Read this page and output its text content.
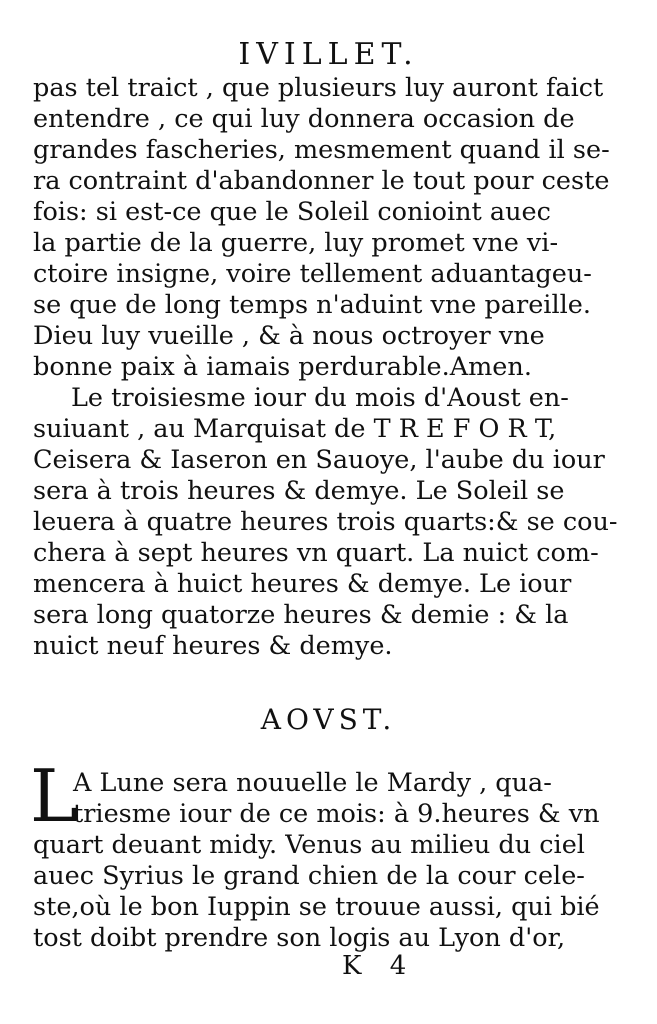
IVILLET.
pas tel traict , que plusieurs luy auront faict
entendre , ce qui luy donnera occasion de
grandes fascheries, mesmement quand il se-
ra contraint d'abandonner le tout pour ceste
fois: si est-ce que le Soleil conioint auec
la partie de la guerre, luy promet vne vi-
ctoire insigne, voire tellement aduantageu-
se que de long temps n'aduint vne pareille.
Dieu luy vueille , & à nous octroyer vne
bonne paix à iamais perdurable.Amen.
Le troisiesme iour du mois d'Aoust en-
suiuant , au Marquisat de T R E F O R T,
Ceisera & Iaseron en Sauoye, l'aube du iour
sera à trois heures & demye. Le Soleil se
leuera à quatre heures trois quarts:& se cou-
chera à sept heures vn quart. La nuict com-
mencera à huict heures & demye. Le iour
sera long quatorze heures & demie : & la
nuict neuf heures & demye.
AOVST.
L
A Lune sera nouuelle le Mardy , qua-
triesme iour de ce mois: à 9.heures & vn
quart deuant midy. Venus au milieu du ciel
auec Syrius le grand chien de la cour cele-
ste,où le bon Iuppin se trouue aussi, qui bié
tost doibt prendre son logis au Lyon d'or,
K 4
